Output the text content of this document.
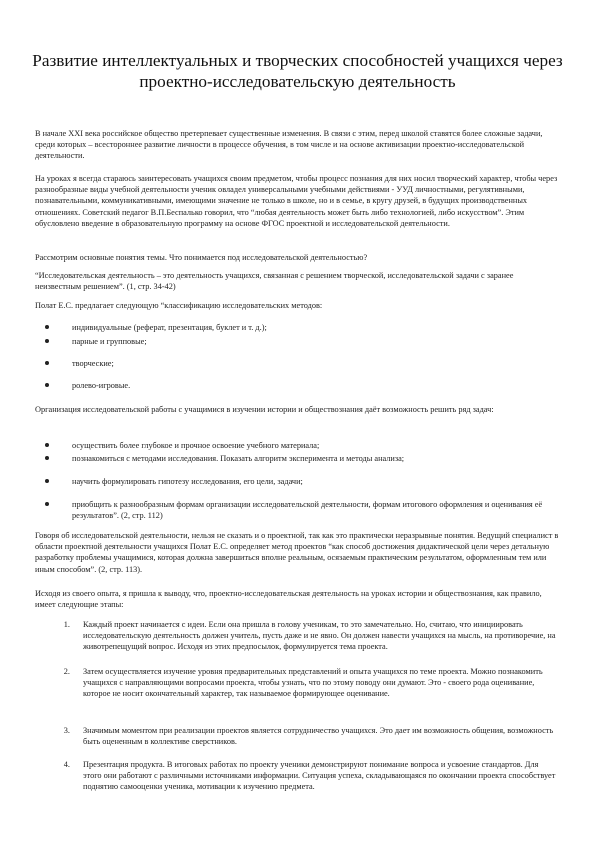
Развитие интеллектуальных и творческих способностей учащихся через проектно-исследовательскую деятельность

В начале XXI века российское общество претерпевает существенные изменения. В связи с этим, перед школой ставятся более сложные задачи, среди которых – всестороннее развитие личности в процессе обучения, в том числе и на основе активизации проектно-исследовательской деятельности.

На уроках я всегда стараюсь заинтересовать учащихся своим предметом, чтобы процесс познания для них носил творческий характер, чтобы через разнообразные виды учебной деятельности ученик овладел универсальными учебными действиями - УУД личностными, регулятивными, познавательными, коммуникативными, имеющими значение не только в школе, но и в семье, в кругу друзей, в будущих производственных отношениях. Советский педагог В.П.Беспалько говорил, что “любая деятельность может быть либо технологией, либо искусством”. Этим обусловлено введение в образовательную программу на основе ФГОС проектной и исследовательской деятельности.

Рассмотрим основные понятия темы. Что понимается под исследовательской деятельностью?

“Исследовательская деятельность – это деятельность учащихся, связанная с решением творческой, исследовательской задачи с заранее неизвестным решением”. (1, стр. 34-42)

Полат Е.С. предлагает следующую “классификацию исследовательских методов:

индивидуальные (реферат, презентация, буклет и т. д.);
парные и групповые;
творческие;
ролево-игровые.

Организация исследовательской работы с учащимися в изучении истории и обществознания даёт возможность решить ряд задач:

осуществить более глубокое и прочное освоение учебного материала;
познакомиться с методами исследования. Показать алгоритм эксперимента и методы анализа;
научить формулировать гипотезу исследования, его цели, задачи;
приобщить к разнообразным формам организации исследовательской деятельности, формам итогового оформления и оценивания её результатов”. (2, стр. 112)

Говоря об исследовательской деятельности, нельзя не сказать и о проектной, так как это практически неразрывные понятия. Ведущий специалист в области проектной деятельности учащихся Полат Е.С. определяет метод проектов “как способ достижения дидактической цели через детальную разработку проблемы учащимися, которая должна завершиться вполне реальным, осязаемым практическим результатом, оформленным тем или иным способом”. (2, стр. 113).

Исходя из своего опыта, я пришла к выводу, что, проектно-исследовательская деятельность на уроках истории и обществознания, как правило, имеет следующие этапы:

1. Каждый проект начинается с идеи. Если она пришла в голову ученикам, то это замечательно. Но, считаю, что инициировать исследовательскую деятельность должен учитель, пусть даже и не явно. Он должен навести учащихся на мысль, на противоречие, на животрепещущий вопрос. Исходя из этих предпосылок, формулируется тема проекта.
2. Затем осуществляется изучение уровня предварительных представлений и опыта учащихся по теме проекта. Можно познакомить учащихся с направляющими вопросами проекта, чтобы узнать, что по этому поводу они думают. Это - своего рода оценивание, которое не носит окончательный характер, так называемое формирующее оценивание.
3. Значимым моментом при реализации проектов является сотрудничество учащихся. Это дает им возможность общения, возможность быть оцененным в коллективе сверстников.
4. Презентация продукта. В итоговых работах по проекту ученики демонстрируют понимание вопроса и усвоение стандартов. Для этого они работают с различными источниками информации. Ситуация успеха, складывающаяся по окончании проекта способствует поднятию самооценки ученика, мотивации к изучению предмета.
